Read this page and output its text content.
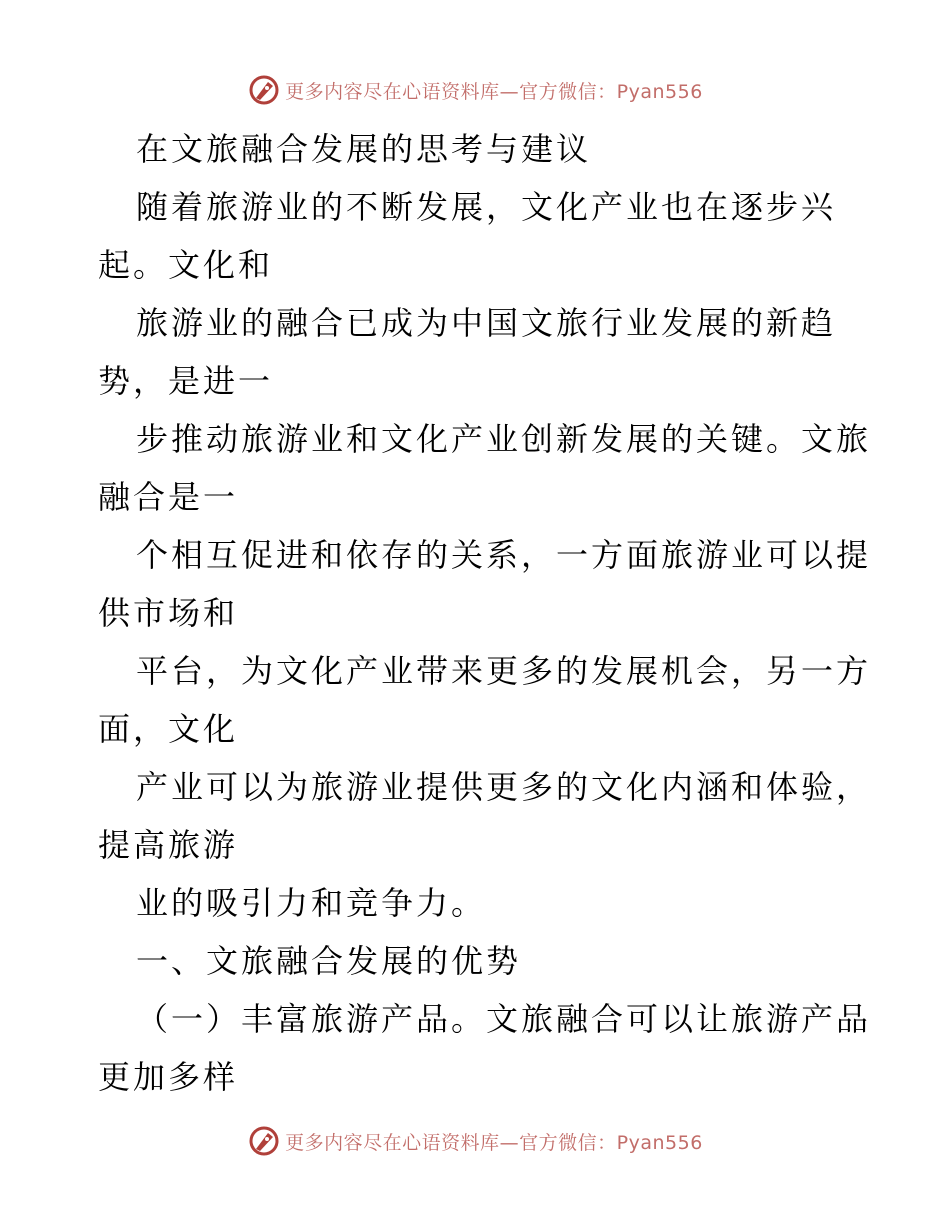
更多内容尽在心语资料库—官方微信：Pyan556
在文旅融合发展的思考与建议
随着旅游业的不断发展，文化产业也在逐步兴
起。文化和
旅游业的融合已成为中国文旅行业发展的新趋
势，是进一
步推动旅游业和文化产业创新发展的关键。文旅
融合是一
个相互促进和依存的关系，一方面旅游业可以提
供市场和
平台，为文化产业带来更多的发展机会，另一方
面，文化
产业可以为旅游业提供更多的文化内涵和体验，
提高旅游
业的吸引力和竞争力。
一、文旅融合发展的优势
（一）丰富旅游产品。文旅融合可以让旅游产品
更加多样
更多内容尽在心语资料库—官方微信：Pyan556
